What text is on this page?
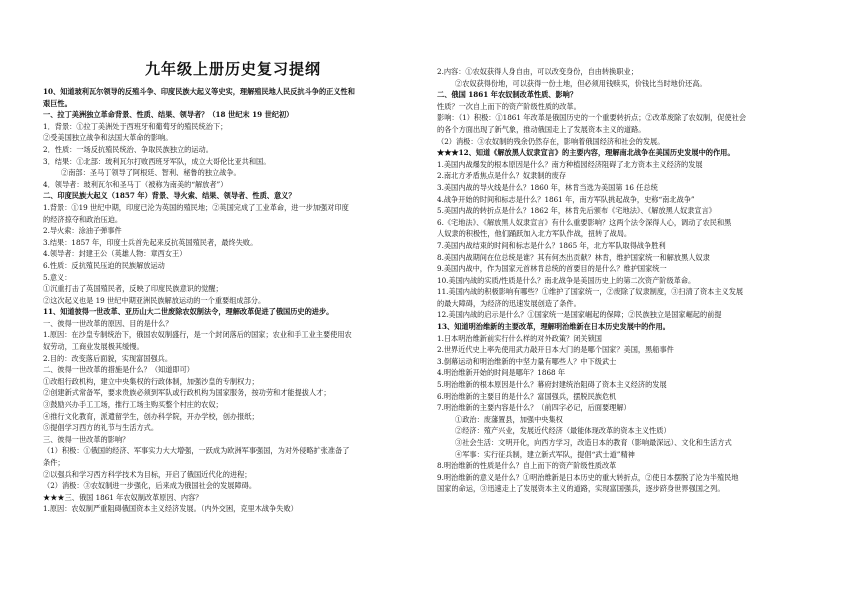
九年级上册历史复习提纲
10、知道玻利瓦尔领导的反殖斗争、印度民族大起义等史实，理解殖民地人民反抗斗争的正义性和
艰巨性。
一、拉丁美洲独立革命背景、性质、结果、领导者？（18 世纪末 19 世纪初）
1．背景：①拉丁美洲处于西班牙和葡萄牙的殖民统治下；
②受美国独立战争和法国大革命的影响。
2．性质：一场反抗殖民统治、争取民族独立的运动。
3．结果：①北部：玻利瓦尔打败西班牙军队，成立大哥伦比亚共和国。
②南部：圣马丁领导了阿根廷、智利、秘鲁的独立战争。
4．领导者：玻利瓦尔和圣马丁（被称为南美的“解放者”）
二、印度民族大起义（1857 年）背景、导火索、结果、领导者、性质、意义？
1.背景：①19 世纪中期，印度已沦为英国的殖民地；②英国完成了工业革命，进一步加强对印度
的经济掠夺和政治压迫。
2.导火索：涂油子弹事件
3.结果：1857 年，印度士兵首先起来反抗英国殖民者，最终失败。
4.领导者：封建王公（英雄人物：章西女王）
6.性质：反抗殖民压迫的民族解放运动
5.意义：
①沉重打击了英国殖民者，反映了印度民族意识的觉醒；
②这次起义也是 19 世纪中期亚洲民族解放运动的一个重要组成部分。
11、知道彼得一世改革、亚历山大二世废除农奴制法令，理解改革促进了俄国历史的进步。
一、彼得一世改革的原因、目的是什么？
1.原因：在沙皇专制统治下，俄国农奴制盛行，是一个封闭落后的国家；农业和手工业主要使用农
奴劳动，工商业发展极其缓慢。
2.目的：改变落后面貌，实现富国强兵。
二、彼得一世改革的措施是什么？（知道即可）
①改组行政机构，建立中央集权的行政体制，加强沙皇的专制权力；
②创建新式常备军，要求贵族必须到军队或行政机构为国家服务，按功劳和才能提拔人才；
③鼓励兴办手工工场，推行工场主购买整个村庄的农奴；
④推行文化教育，派遣留学生，创办科学院，开办学校，创办报纸；
⑤提倡学习西方的礼节与生活方式。
三、彼得一世改革的影响？
（1）积极：①俄国的经济、军事实力大大增强，一跃成为欧洲军事强国，为对外侵略扩张准备了
条件；
②以强兵和学习西方科学技术为目标，开启了俄国近代化的进程；
（2）消极：③农奴制进一步强化，后来成为俄国社会的发展障碍。
★★★三、俄国 1861 年农奴制改革原因、内容？
1.原因：农奴制严重阻碍俄国资本主义经济发展。（内外交困，克里木战争失败）
2.内容：①农奴获得人身自由，可以改变身份，自由转换职业；
②农奴获得份地，可以获得一份土地，但必须用钱赎买，价钱比当时地价还高。
二、俄国 1861 年农奴制改革性质、影响？
性质？一次自上而下的资产阶级性质的改革。
影响：（1）积极：①1861 年改革是俄国历史的一个重要转折点；②改革废除了农奴制，促使社会
的各个方面出现了新气象，推动俄国走上了发展资本主义的道路。
（2）消极：③农奴制的残余仍然存在，影响着俄国经济和社会的发展。
★★★12、知道《解放黑人奴隶宣言》的主要内容，理解南北战争在美国历史发展中的作用。
1.美国内战爆发的根本原因是什么？南方种植园经济阻碍了北方资本主义经济的发展
2.南北方矛盾焦点是什么？奴隶制的废存
3.美国内战的导火线是什么？1860 年，林肯当选为美国第 16 任总统
4.战争开始的时间和标志是什么？1861 年，南方军队挑起战争，史称“南北战争”
5.美国内战的转折点是什么？1862 年，林肯先后颁布《宅地法》、《解放黑人奴隶宣言》
6.《宅地法》、《解放黑人奴隶宣言》有什么重要影响？这两个法令深得人心，调动了农民和黑
人奴隶的积极性，他们踊跃加入北方军队作战，扭转了战局。
7.美国内战结束的时间和标志是什么？1865 年，北方军队取得战争胜利
8.美国内战期间在位总统是谁？其有何杰出贡献？林肯，维护国家统一和解放黑人奴隶
9.美国内战中，作为国家元首林肯总统的首要目的是什么？维护国家统一
10.美国内战的实质/性质是什么？南北战争是美国历史上的第二次资产阶级革命。
11.美国内战的积极影响有哪些？①维护了国家统一，②废除了奴隶制度，③扫清了资本主义发展
的最大障碍，为经济的迅速发展创造了条件。
12.美国内战的启示是什么？①国家统一是国家崛起的保障；②民族独立是国家崛起的前提
13、知道明治维新的主要改革，理解明治维新在日本历史发展中的作用。
1.日本明治维新前实行什么样的对外政策？闭关锁国
2.世界近代史上率先使用武力敲开日本大门的是哪个国家？美国，黑船事件
3.倒幕运动和明治维新的中坚力量有哪些人？中下级武士
4.明治维新开始的时间是哪年？1868 年
5.明治维新的根本原因是什么？幕府封建统治阻碍了资本主义经济的发展
6.明治维新的主要目的是什么？富国强兵，摆脱民族危机
7.明治维新的主要内容是什么？（前四字必记，后面要理解）
①政治：废藩置县，加强中央集权
②经济：殖产兴业，发展近代经济（最能体现改革的资本主义性质）
③社会生活：文明开化，向西方学习，改造日本的教育（影响最深远）、文化和生活方式
④军事：实行征兵制，建立新式军队，提倡“武士道”精神
8.明治维新的性质是什么？自上而下的资产阶级性质改革
9.明治维新的意义是什么？①明治维新是日本历史的重大转折点，②使日本摆脱了沦为半殖民地
国家的命运，③迅速走上了发展资本主义的道路，实现富国强兵，逐步跻身世界强国之列。
